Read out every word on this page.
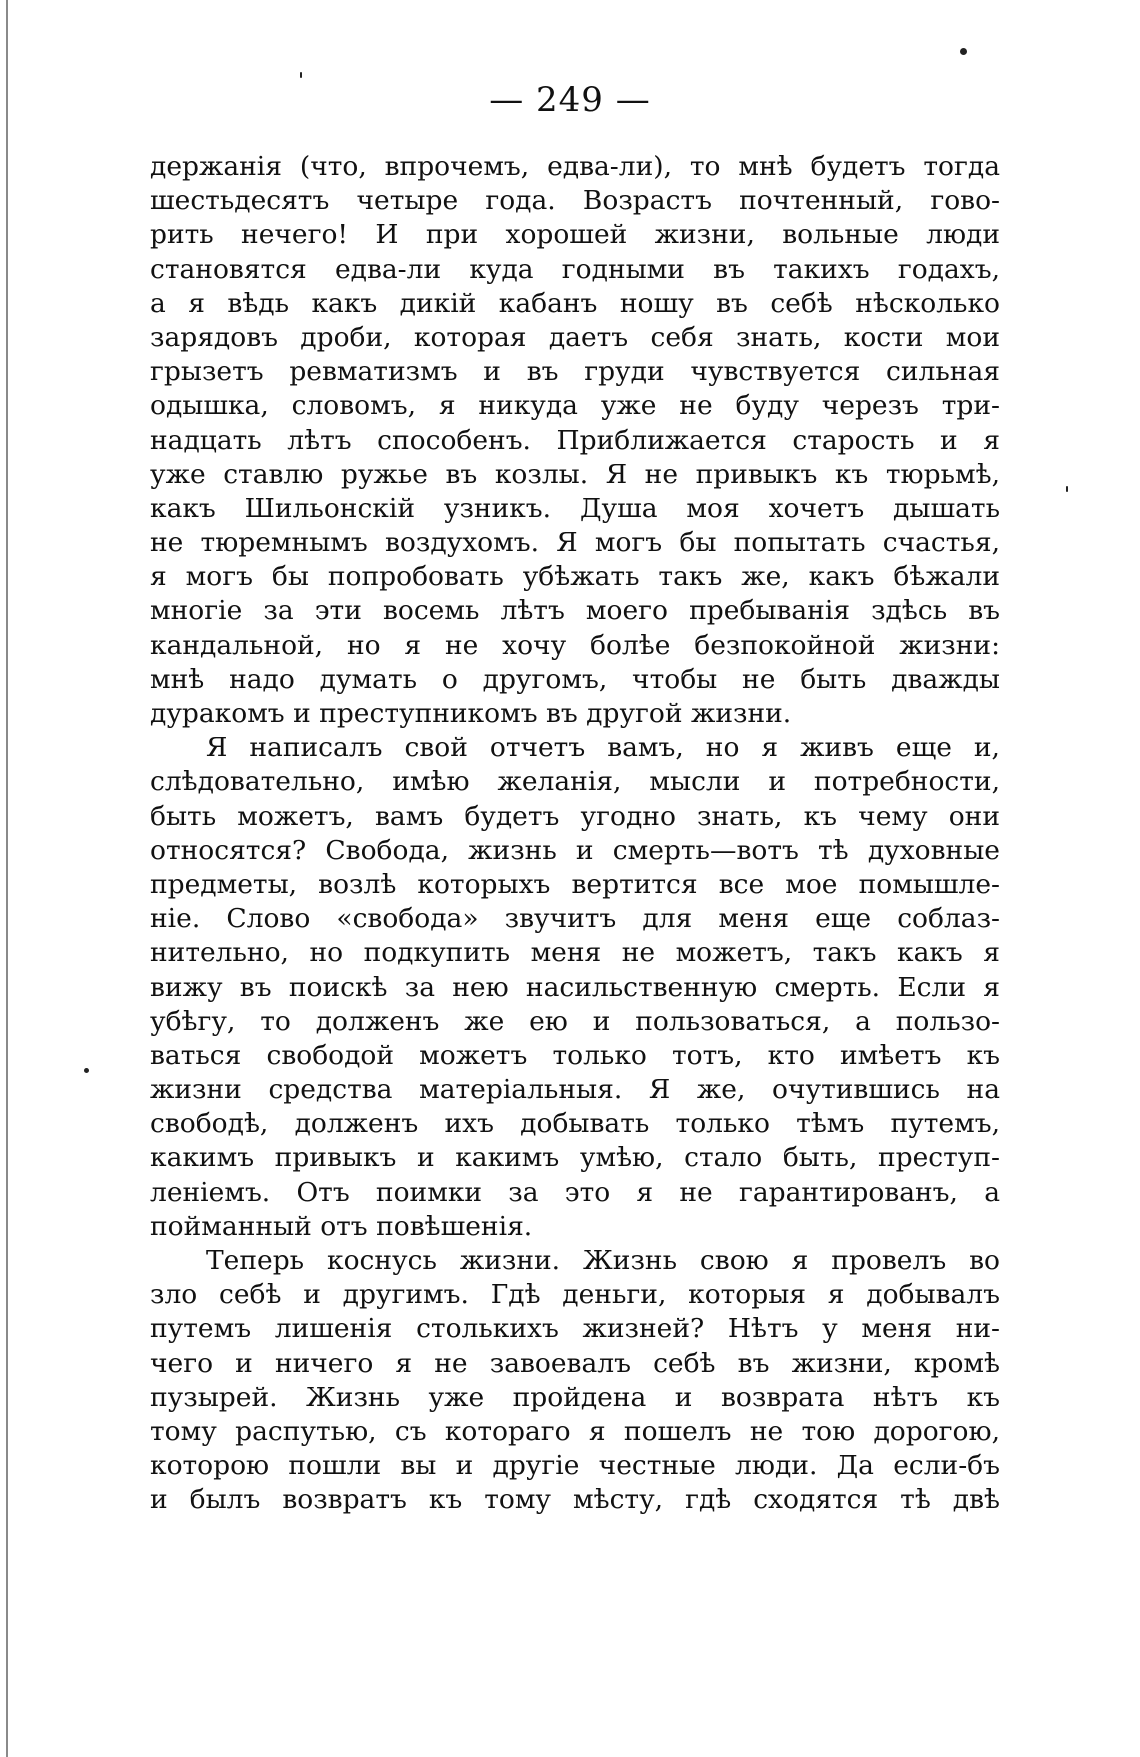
— 249 —
держанія (что, впрочемъ, едва-ли), то мнѣ будетъ тогда
шестьдесятъ четыре года. Возрастъ почтенный, гово-
рить нечего! И при хорошей жизни, вольные люди
становятся едва-ли куда годными въ такихъ годахъ,
а я вѣдь какъ дикій кабанъ ношу въ себѣ нѣсколько
зарядовъ дроби, которая даетъ себя знать, кости мои
грызетъ ревматизмъ и въ груди чувствуется сильная
одышка, словомъ, я никуда уже не буду черезъ три-
надцать лѣтъ способенъ. Приближается старость и я
уже ставлю ружье въ козлы. Я не привыкъ къ тюрьмѣ,
какъ Шильонскій узникъ. Душа моя хочетъ дышать
не тюремнымъ воздухомъ. Я могъ бы попытать счастья,
я могъ бы попробовать убѣжать такъ же, какъ бѣжали
многіе за эти восемь лѣтъ моего пребыванія здѣсь въ
кандальной, но я не хочу болѣе безпокойной жизни:
мнѣ надо думать о другомъ, чтобы не быть дважды
дуракомъ и преступникомъ въ другой жизни.
Я написалъ свой отчетъ вамъ, но я живъ еще и,
слѣдовательно, имѣю желанія, мысли и потребности,
быть можетъ, вамъ будетъ угодно знать, къ чему они
относятся? Свобода, жизнь и смерть—вотъ тѣ духовные
предметы, возлѣ которыхъ вертится все мое помышле-
ніе. Слово «свобода» звучитъ для меня еще соблаз-
нительно, но подкупить меня не можетъ, такъ какъ я
вижу въ поискѣ за нею насильственную смерть. Если я
убѣгу, то долженъ же ею и пользоваться, а пользо-
ваться свободой можетъ только тотъ, кто имѣетъ къ
жизни средства матеріальныя. Я же, очутившись на
свободѣ, долженъ ихъ добывать только тѣмъ путемъ,
какимъ привыкъ и какимъ умѣю, стало быть, преступ-
леніемъ. Отъ поимки за это я не гарантированъ, а
пойманный отъ повѣшенія.
Теперь коснусь жизни. Жизнь свою я провелъ во
зло себѣ и другимъ. Гдѣ деньги, которыя я добывалъ
путемъ лишенія столькихъ жизней? Нѣтъ у меня ни-
чего и ничего я не завоевалъ себѣ въ жизни, кромѣ
пузырей. Жизнь уже пройдена и возврата нѣтъ къ
тому распутью, съ котораго я пошелъ не тою дорогою,
которою пошли вы и другіе честные люди. Да если-бъ
и былъ возвратъ къ тому мѣсту, гдѣ сходятся тѣ двѣ
